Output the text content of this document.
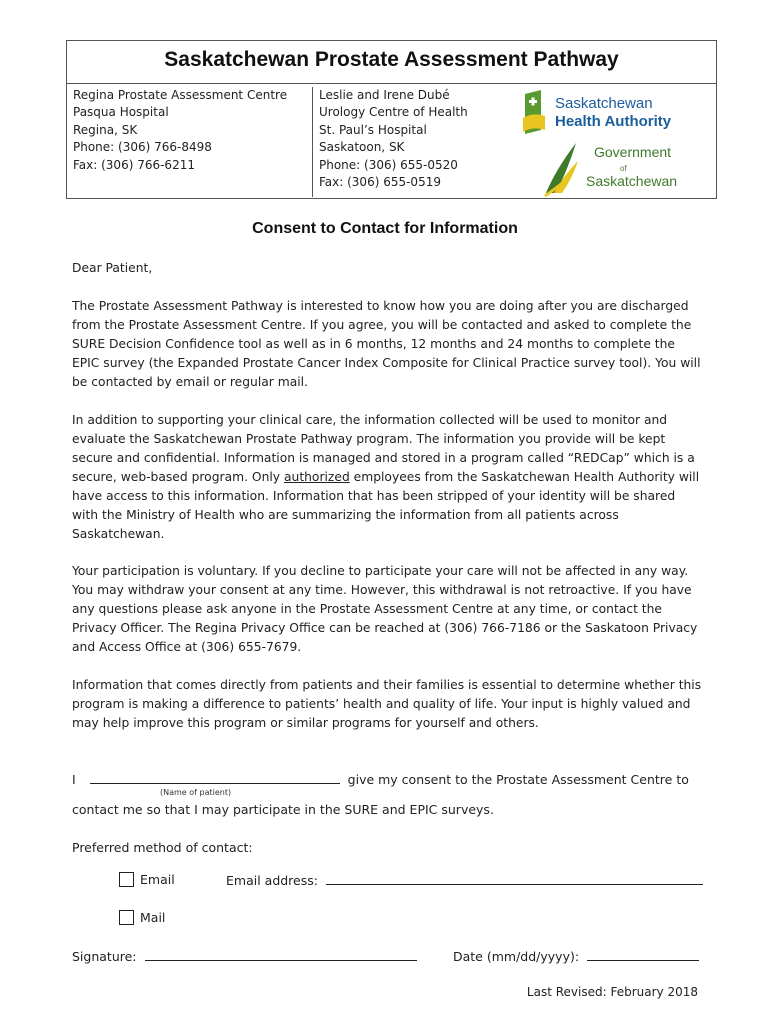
Saskatchewan Prostate Assessment Pathway
Regina Prostate Assessment Centre
Pasqua Hospital
Regina, SK
Phone: (306) 766-8498
Fax: (306) 766-6211
Leslie and Irene Dubé
Urology Centre of Health
St. Paul’s Hospital
Saskatoon, SK
Phone: (306) 655-0520
Fax: (306) 655-0519
Saskatchewan
Health Authority
Government
of
Saskatchewan
Consent to Contact for Information
Dear Patient,

The Prostate Assessment Pathway is interested to know how you are doing after you are discharged from the Prostate Assessment Centre. If you agree, you will be contacted and asked to complete the SURE Decision Confidence tool as well as in 6 months, 12 months and 24 months to complete the EPIC survey (the Expanded Prostate Cancer Index Composite for Clinical Practice survey tool). You will be contacted by email or regular mail.

In addition to supporting your clinical care, the information collected will be used to monitor and evaluate the Saskatchewan Prostate Pathway program. The information you provide will be kept secure and confidential. Information is managed and stored in a program called “REDCap” which is a secure, web-based program. Only authorized employees from the Saskatchewan Health Authority will have access to this information. Information that has been stripped of your identity will be shared with the Ministry of Health who are summarizing the information from all patients across Saskatchewan.

Your participation is voluntary. If you decline to participate your care will not be affected in any way. You may withdraw your consent at any time. However, this withdrawal is not retroactive. If you have any questions please ask anyone in the Prostate Assessment Centre at any time, or contact the Privacy Officer. The Regina Privacy Office can be reached at (306) 766-7186 or the Saskatoon Privacy and Access Office at (306) 655-7679.

Information that comes directly from patients and their families is essential to determine whether this program is making a difference to patients’ health and quality of life. Your input is highly valued and may help improve this program or similar programs for yourself and others.

I	give my consent to the Prostate Assessment Centre to
(Name of patient)
contact me so that I may participate in the SURE and EPIC surveys.
Preferred method of contact:
Email	Email address:
Mail
Signature:	Date (mm/dd/yyyy):
Last Revised: February 2018
